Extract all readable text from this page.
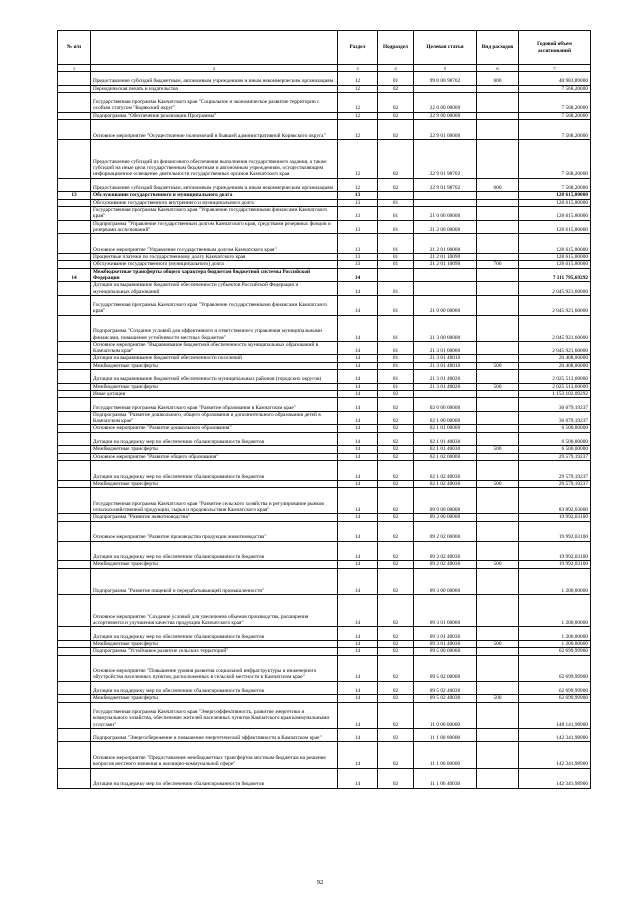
№ п/п		Раздел	Подраздел	Целевая статья	Вид расходов	Годовой объем ассигнований
1	2	3	4	5	6	7
	Предоставление субсидий бюджетным, автономным учреждениям и иным некоммерческим организациям	12	01	99 0 00 98702	600	40 983,89000
	Периодическая печать и издательства	12	02			7 568,20000
	Государственная программа Камчатского края "Социальное и экономическое развитие территории с особым статусом "Корякский округ"	12	02	22 0 00 00000		7 568,20000
	Подпрограмма "Обеспечение реализации Программы"	12	02	22 9 00 00000		7 568,20000
	Основное мероприятие "Осуществление полномочий в бывшей административной Корякского округа"	12	02	22 9 01 00000		7 568,20000
	Предоставление субсидий из финансового обеспечения выполнения государственного задания, а также субсидий на иные цели государственным бюджетным и автономным учреждениям, осуществляющим информационное освещение деятельности государственных органов Камчатского края	12	02	22 9 01 98702		7 568,20000
	Предоставление субсидий бюджетным, автономным учреждениям и иным некоммерческим организациям	12	02	22 9 01 98702	600	7 568,20000
13	Обслуживание государственного и муниципального долга	13				128 615,80000
	Обслуживание государственного внутреннего и муниципального долга	13	01			128 615,80000
	Государственная программа Камчатского края "Управление государственными финансами Камчатского края"	13	01	21 0 00 00000		128 615,80000
	Подпрограмма "Управление государственным долгом Камчатского края, средствами резервных фондов и резервами ассигнований"	13	01	21 2 00 00000		128 615,80000
	Основное мероприятие "Управление государственным долгом Камчатского края"	13	01	21 2 01 00000		128 615,80000
	Процентные платежи по государственному долгу Камчатского края	13	01	21 2 01 10090		128 615,80000
	Обслуживание государственного (муниципального) долга	13	01	21 2 01 10090	700	128 615,80000
14	Межбюджетные трансферты общего характера бюджетам бюджетной системы Российской Федерации	14				7 111 795,69292
	Дотации на выравнивание бюджетной обеспеченности субъектов Российской Федерации и муниципальных образований	14	01			2 045 921,60000
	Государственная программа Камчатского края "Управление государственными финансами Камчатского края"	14	01	21 0 00 00000		2 045 921,60000
	Подпрограмма "Создание условий для эффективного и ответственного управления муниципальными финансами, повышение устойчивости местных бюджетов"	14	01	21 3 00 00000		2 045 921,60000
	Основное мероприятие "Выравнивание бюджетной обеспеченности муниципальных образований в Камчатском крае"	14	01	21 3 01 00000		2 045 921,60000
	Дотации на выравнивание бюджетной обеспеченности поселений	14	01	21 3 01 40010		20 408,00000
	Межбюджетные трансферты	14	01	21 3 01 40010	500	20 408,00000
	Дотации на выравнивание бюджетной обеспеченности муниципальных районов (городских округов)	14	01	21 3 01 40020		2 025 513,60000
	Межбюджетные трансферты	14	01	21 3 01 40020	500	2 025 513,60000
	Иные дотации	14	02			1 153 102,09292
	Государственная программа Камчатского края "Развитие образования в Камчатском крае"	14	02	02 0 00 00000		36 079,19237
	Подпрограмма "Развитие дошкольного, общего образования и дополнительного образования детей в Камчатском крае"	14	02	02 1 00 00000		36 079,19237
	Основное мероприятие "Развитие дошкольного образования"	14	02	02 1 01 00000		6 500,00000
	Дотации на поддержку мер по обеспечению сбалансированности бюджетов	14	02	02 1 01 40030		6 500,00000
	Межбюджетные трансферты	14	02	02 1 01 40030	500	6 500,00000
	Основное мероприятие "Развитие общего образования"	14	02	02 1 02 00000		29 579,19237
	Дотации на поддержку мер по обеспечению сбалансированности бюджетов	14	02	02 1 02 40030		29 579,19237
	Межбюджетные трансферты	14	02	02 1 02 40030	500	29 579,19237
	Государственная программа Камчатского края "Развитие сельского хозяйства и регулирование рынков сельскохозяйственной продукции, сырья и продовольствия Камчатского края"	14	02	09 0 00 00000		83 892,03000
	Подпрограмма "Развитие животноводства"	14	02	09 2 00 00000		19 992,03100
	Основное мероприятие "Развитие производства продукции животноводства"	14	02	09 2 02 00000		19 992,03100
	Дотации на поддержку мер по обеспечению сбалансированности бюджетов	14	02	09 2 02 40030		19 992,03100
	Межбюджетные трансферты	14	02	09 2 02 40030	500	19 992,03100
	Подпрограмма "Развитие пищевой и перерабатывающей промышленности"	14	02	09 3 00 00000		1 200,00000
	Основное мероприятие "Создание условий для увеличения объемов производства, расширения ассортимента и улучшения качества продукции Камчатского края"	14	02	09 3 01 00000		1 200,00000
	Дотации на поддержку мер по обеспечению сбалансированности бюджетов	14	02	09 3 01 40030		1 200,00000
	Межбюджетные трансферты	14	02	09 3 01 40030	500	1 200,00000
	Подпрограмма "Устойчивое развитие сельских территорий"	14	02	09 5 00 00000		62 699,99900
	Основное мероприятие "Повышение уровня развития социальной инфраструктуры и инженерного обустройства населенных пунктов, расположенных в сельской местности в Камчатском крае"	14	02	09 5 02 00000		62 699,99900
	Дотации на поддержку мер по обеспечению сбалансированности бюджетов	14	02	09 5 02 40030		62 699,99900
	Межбюджетные трансферты	14	02	09 5 02 40030	500	62 699,99900
	Государственная программа Камчатского края "Энергоэффективность, развитие энергетики и коммунального хозяйства, обеспечение жителей населенных пунктов Камчатского края коммунальными услугами"	14	02	11 0 00 00000		148 141,98900
	Подпрограмма "Энергосбережение и повышение энергетической эффективности в Камчатском крае"	14	02	11 1 00 00000		142 341,98900
	Основное мероприятие "Предоставление межбюджетных трансфертов местным бюджетам на решение вопросов местного значения в жилищно-коммунальной сфере"	14	02	11 1 06 00000		142 341,98900
	Дотации на поддержку мер по обеспечению сбалансированности бюджетов	14	02	11 1 06 40030		142 341,98900
92
